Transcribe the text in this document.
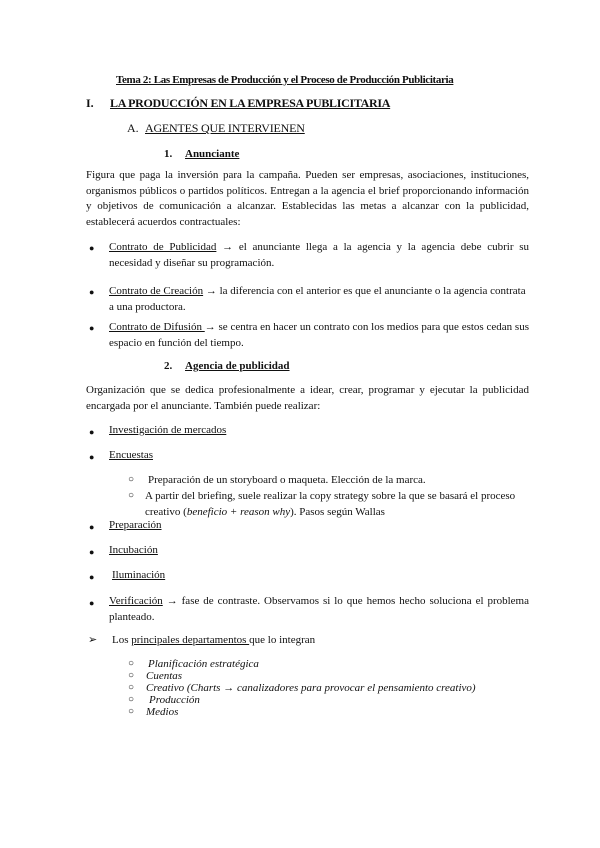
Tema 2: Las Empresas de Producción y el Proceso de Producción Publicitaria
I. LA PRODUCCIÓN EN LA EMPRESA PUBLICITARIA
A. AGENTES QUE INTERVIENEN
1. Anunciante
Figura que paga la inversión para la campaña. Pueden ser empresas, asociaciones, instituciones, organismos públicos o partidos políticos. Entregan a la agencia el brief proporcionando información y objetivos de comunicación a alcanzar. Establecidas las metas a alcanzar con la publicidad, establecerá acuerdos contractuales:
● Contrato de Publicidad → el anunciante llega a la agencia y la agencia debe cubrir su necesidad y diseñar su programación.
● Contrato de Creación → la diferencia con el anterior es que el anunciante o la agencia contrata a una productora.
● Contrato de Difusión → se centra en hacer un contrato con los medios para que estos cedan sus espacio en función del tiempo.
2. Agencia de publicidad
Organización que se dedica profesionalmente a idear, crear, programar y ejecutar la publicidad encargada por el anunciante. También puede realizar:
● Investigación de mercados
● Encuestas
○ Preparación de un storyboard o maqueta. Elección de la marca.
○ A partir del briefing, suele realizar la copy strategy sobre la que se basará el proceso creativo (beneficio + reason why). Pasos según Wallas
● Preparación
● Incubación
● Iluminación
● Verificación → fase de contraste. Observamos si lo que hemos hecho soluciona el problema planteado.
➢ Los principales departamentos que lo integran
○ Planificación estratégica
○ Cuentas
○ Creativo (Charts → canalizadores para provocar el pensamiento creativo)
○ Producción
○ Medios
